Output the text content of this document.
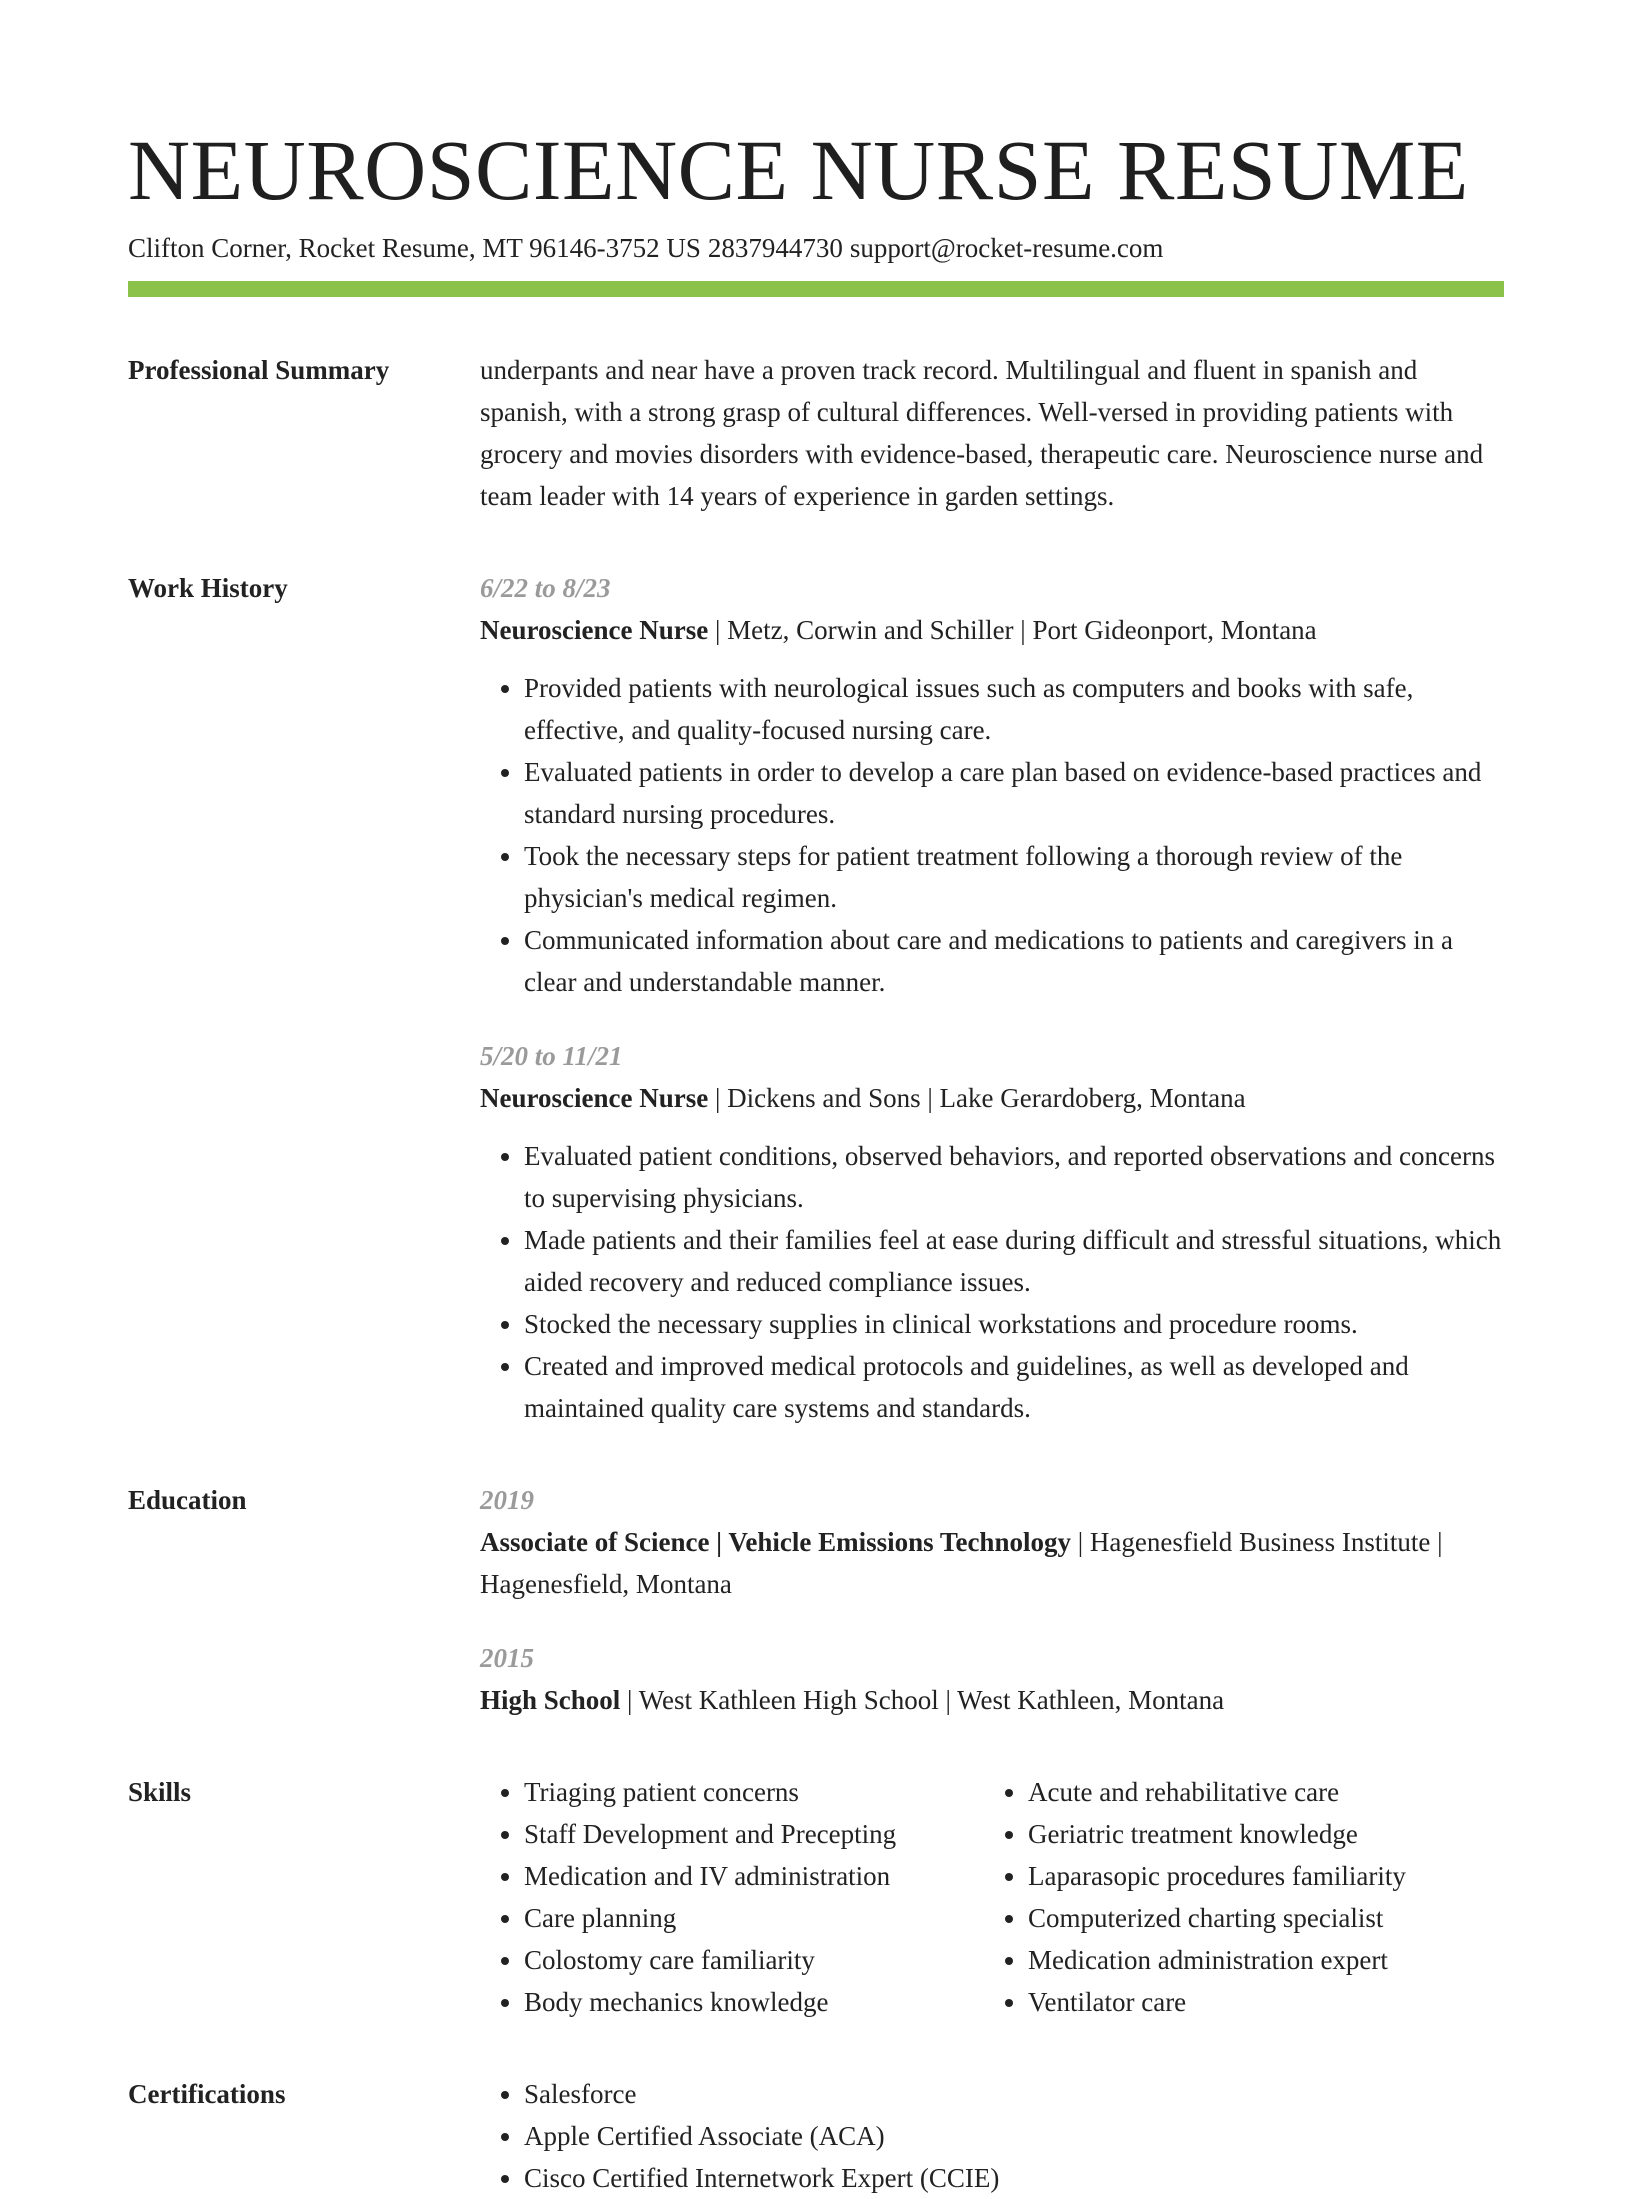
NEUROSCIENCE NURSE RESUME
Clifton Corner, Rocket Resume, MT 96146-3752 US 2837944730 support@rocket-resume.com
Professional Summary	underpants and near have a proven track record. Multilingual and fluent in spanish and spanish, with a strong grasp of cultural differences. Well-versed in providing patients with grocery and movies disorders with evidence-based, therapeutic care. Neuroscience nurse and team leader with 14 years of experience in garden settings.

Work History	6/22 to 8/23
Neuroscience Nurse | Metz, Corwin and Schiller | Port Gideonport, Montana
• Provided patients with neurological issues such as computers and books with safe, effective, and quality-focused nursing care.
• Evaluated patients in order to develop a care plan based on evidence-based practices and standard nursing procedures.
• Took the necessary steps for patient treatment following a thorough review of the physician's medical regimen.
• Communicated information about care and medications to patients and caregivers in a clear and understandable manner.
5/20 to 11/21
Neuroscience Nurse | Dickens and Sons | Lake Gerardoberg, Montana
• Evaluated patient conditions, observed behaviors, and reported observations and concerns to supervising physicians.
• Made patients and their families feel at ease during difficult and stressful situations, which aided recovery and reduced compliance issues.
• Stocked the necessary supplies in clinical workstations and procedure rooms.
• Created and improved medical protocols and guidelines, as well as developed and maintained quality care systems and standards.
Education	2019
Associate of Science | Vehicle Emissions Technology | Hagenesfield Business Institute | Hagenesfield, Montana
2015
High School | West Kathleen High School | West Kathleen, Montana
Skills	• Triaging patient concerns
• Staff Development and Precepting
• Medication and IV administration
• Care planning
• Colostomy care familiarity
• Body mechanics knowledge
• Acute and rehabilitative care
• Geriatric treatment knowledge
• Laparasopic procedures familiarity
• Computerized charting specialist
• Medication administration expert
• Ventilator care
Certifications	• Salesforce
• Apple Certified Associate (ACA)
• Cisco Certified Internetwork Expert (CCIE)
